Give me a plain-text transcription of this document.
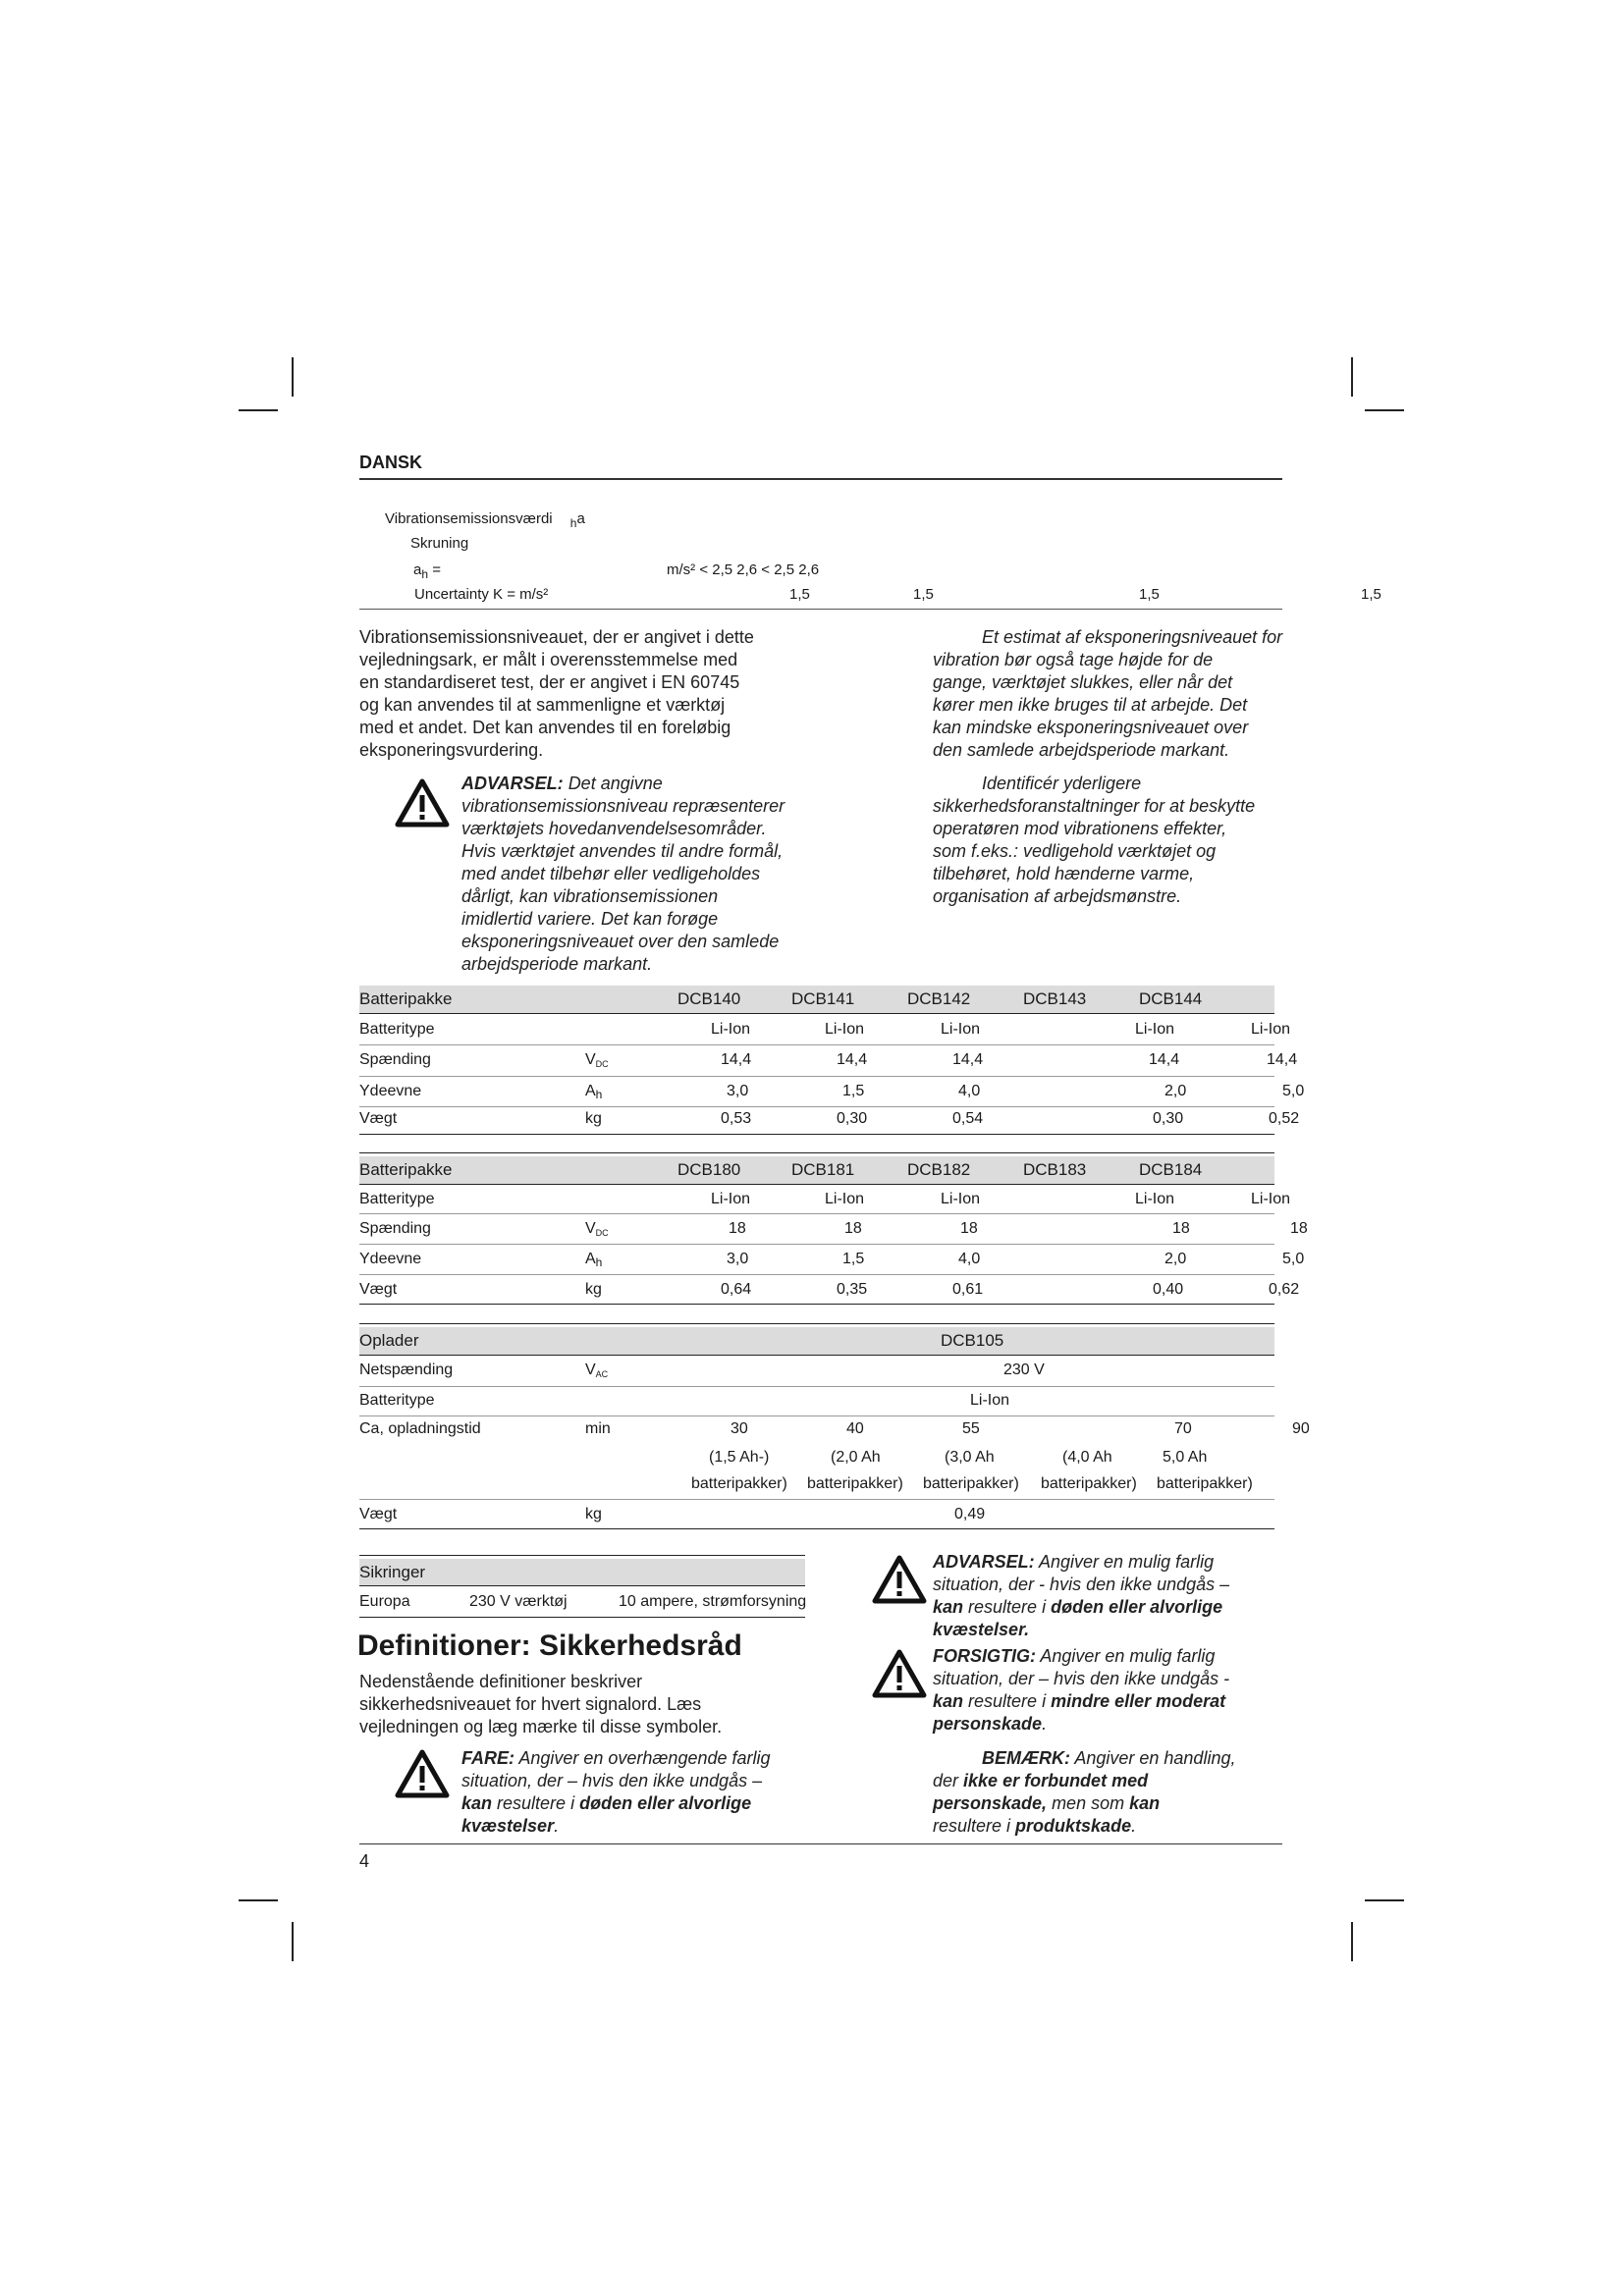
DANSK
Vibrationsemissionsværdi $_h$a
Skruning
$a_h$ =	m/s² < 2,5 2,6 < 2,5 2,6
Uncertainty K = m/s²	1,5	1,5	1,5	1,5
Vibrationsemissionsniveauet, der er angivet i dette
vejledningsark, er målt i overensstemmelse med
en standardiseret test, der er angivet i EN 60745
og kan anvendes til at sammenligne et værktøj
med et andet. Det kan anvendes til en foreløbig
eksponeringsvurdering.
ADVARSEL: Det angivne
vibrationsemissionsniveau repræsenterer
værktøjets hovedanvendelsesområder.
Hvis værktøjet anvendes til andre formål,
med andet tilbehør eller vedligeholdes
dårligt, kan vibrationsemissionen
imidlertid variere. Det kan forøge
eksponeringsniveauet over den samlede
arbejdsperiode markant.
Et estimat af eksponeringsniveauet for
vibration bør også tage højde for de
gange, værktøjet slukkes, eller når det
kører men ikke bruges til at arbejde. Det
kan mindske eksponeringsniveauet over
den samlede arbejdsperiode markant.
Identificér yderligere
sikkerhedsforanstaltninger for at beskytte
operatøren mod vibrationens effekter,
som f.eks.: vedligehold værktøjet og
tilbehøret, hold hænderne varme,
organisation af arbejdsmønstre.
Batteripakke	DCB140	DCB141	DCB142	DCB143	DCB144
Batteritype	Li-Ion	Li-Ion	Li-Ion	Li-Ion	Li-Ion
Spænding	$V_{DC}$	14,4	14,4	14,4	14,4	14,4
Ydeevne	$A_h$	3,0	1,5	4,0	2,0	5,0
Vægt	kg	0,53	0,30	0,54	0,30	0,52
Batteripakke	DCB180	DCB181	DCB182	DCB183	DCB184
Batteritype	Li-Ion	Li-Ion	Li-Ion	Li-Ion	Li-Ion
Spænding	$V_{DC}$	18	18	18	18	18
Ydeevne	$A_h$	3,0	1,5	4,0	2,0	5,0
Vægt	kg	0,64	0,35	0,61	0,40	0,62
Oplader	DCB105
Netspænding	$V_{AC}$	230 V
Batteritype	Li-Ion
Ca, opladningstid	min	30	40	55	70	90
(1,5 Ah-)	(2,0 Ah	(3,0 Ah	(4,0 Ah	5,0 Ah
batteripakker) batteripakker) batteripakker) batteripakker) batteripakker)
Vægt	kg	0,49
Sikringer
Europa	230 V værktøj	10 ampere, strømforsyning
Definitioner: Sikkerhedsråd
Nedenstående definitioner beskriver
sikkerhedsniveauet for hvert signalord. Læs
vejledningen og læg mærke til disse symboler.
FARE: Angiver en overhængende farlig
situation, der – hvis den ikke undgås –
kan resultere i døden eller alvorlige
kvæstelser.
ADVARSEL: Angiver en mulig farlig
situation, der - hvis den ikke undgås –
kan resultere i døden eller alvorlige
kvæstelser.
FORSIGTIG: Angiver en mulig farlig
situation, der – hvis den ikke undgås -
kan resultere i mindre eller moderat
personskade.
BEMÆRK: Angiver en handling,
der ikke er forbundet med
personskade, men som kan
resultere i produktskade.
4
